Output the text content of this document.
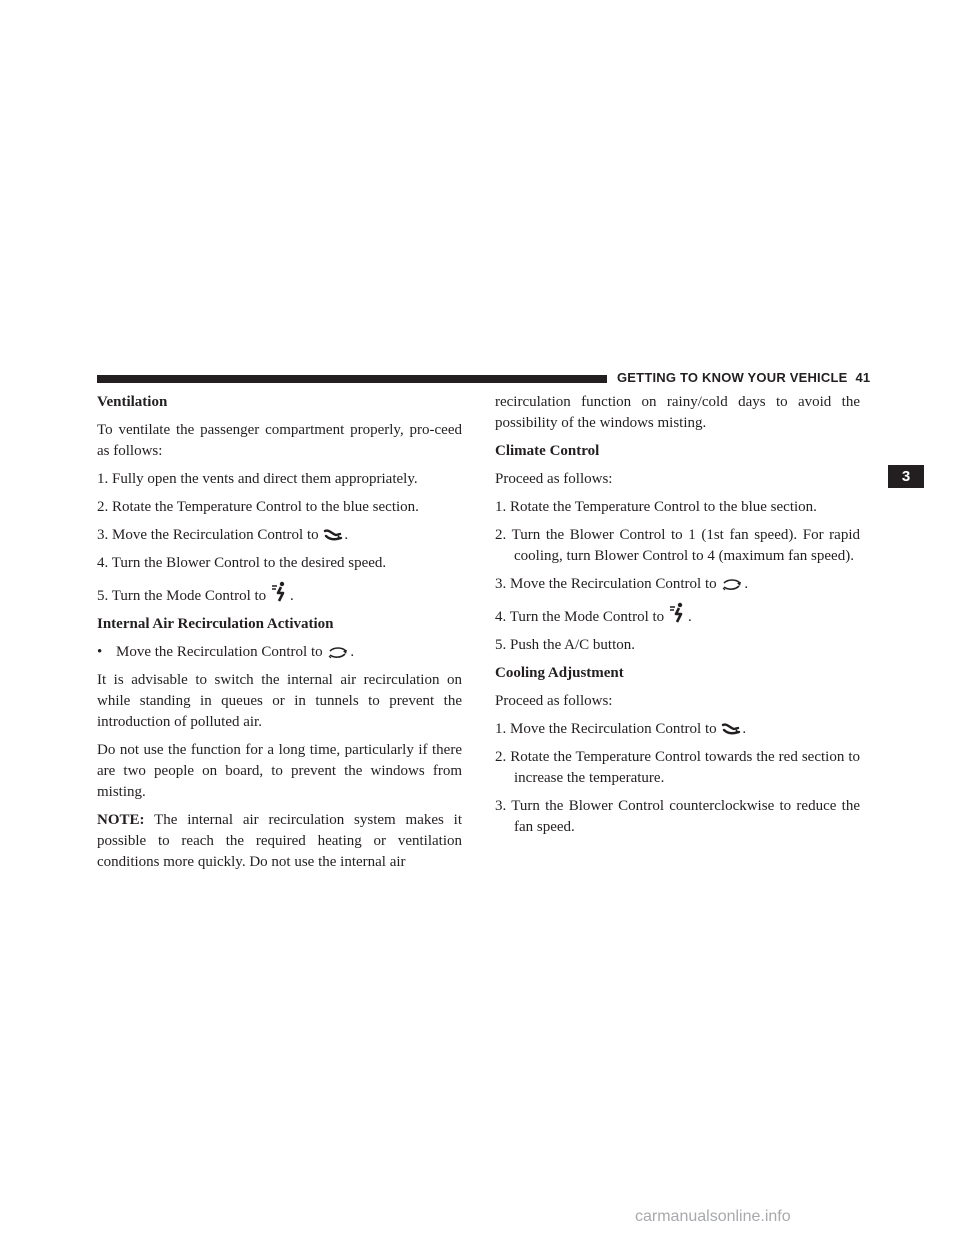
GETTING TO KNOW YOUR VEHICLE 41
3
Ventilation

To ventilate the passenger compartment properly, pro-ceed as follows:

1. Fully open the vents and direct them appropriately.

2. Rotate the Temperature Control to the blue section.

3. Move the Recirculation Control to .

4. Turn the Blower Control to the desired speed.

5. Turn the Mode Control to .

Internal Air Recirculation Activation

• Move the Recirculation Control to .

It is advisable to switch the internal air recirculation on while standing in queues or in tunnels to prevent the introduction of polluted air.

Do not use the function for a long time, particularly if there are two people on board, to prevent the windows from misting.

NOTE: The internal air recirculation system makes it possible to reach the required heating or ventilation conditions more quickly. Do not use the internal air

recirculation function on rainy/cold days to avoid the possibility of the windows misting.

Climate Control

Proceed as follows:

1. Rotate the Temperature Control to the blue section.

2. Turn the Blower Control to 1 (1st fan speed). For rapid cooling, turn Blower Control to 4 (maximum fan speed).

3. Move the Recirculation Control to .

4. Turn the Mode Control to .

5. Push the A/C button.

Cooling Adjustment

Proceed as follows:

1. Move the Recirculation Control to .

2. Rotate the Temperature Control towards the red section to increase the temperature.

3. Turn the Blower Control counterclockwise to reduce the fan speed.

carmanualsonline.info
